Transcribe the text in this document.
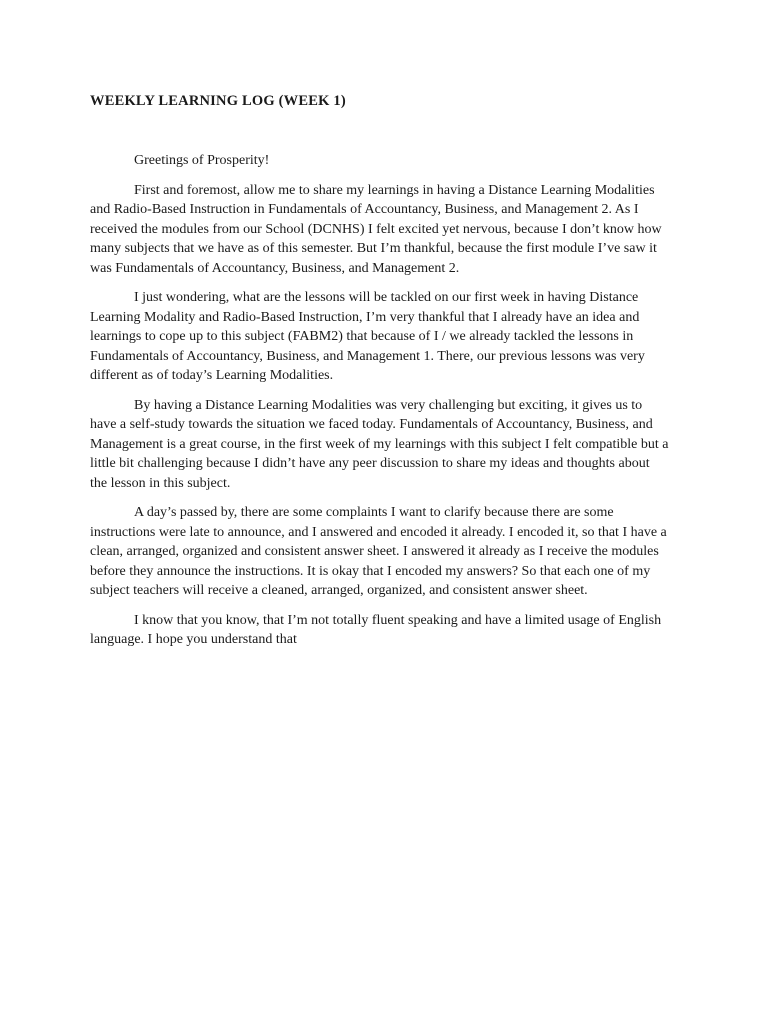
WEEKLY LEARNING LOG (WEEK 1)

Greetings of Prosperity!

First and foremost, allow me to share my learnings in having a Distance Learning Modalities and Radio-Based Instruction in Fundamentals of Accountancy, Business, and Management 2. As I received the modules from our School (DCNHS) I felt excited yet nervous, because I don’t know how many subjects that we have as of this semester. But I’m thankful, because the first module I’ve saw it was Fundamentals of Accountancy, Business, and Management 2.

I just wondering, what are the lessons will be tackled on our first week in having Distance Learning Modality and Radio-Based Instruction, I’m very thankful that I already have an idea and learnings to cope up to this subject (FABM2) that because of I / we already tackled the lessons in Fundamentals of Accountancy, Business, and Management 1. There, our previous lessons was very different as of today’s Learning Modalities.

By having a Distance Learning Modalities was very challenging but exciting, it gives us to have a self-study towards the situation we faced today. Fundamentals of Accountancy, Business, and Management is a great course, in the first week of my learnings with this subject I felt compatible but a little bit challenging because I didn’t have any peer discussion to share my ideas and thoughts about the lesson in this subject.

A day’s passed by, there are some complaints I want to clarify because there are some instructions were late to announce, and I answered and encoded it already. I encoded it, so that I have a clean, arranged, organized and consistent answer sheet. I answered it already as I receive the modules before they announce the instructions. It is okay that I encoded my answers? So that each one of my subject teachers will receive a cleaned, arranged, organized, and consistent answer sheet.

I know that you know, that I’m not totally fluent speaking and have a limited usage of English language. I hope you understand that
